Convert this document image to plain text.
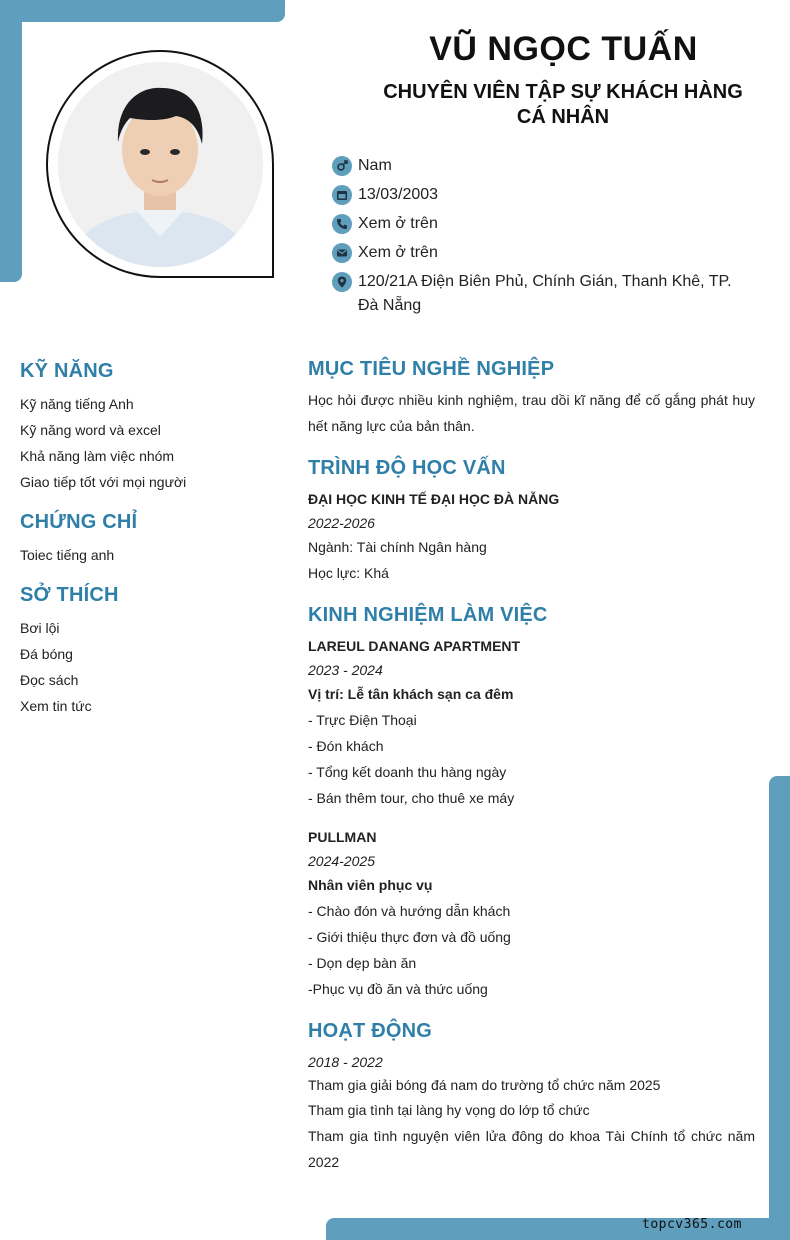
VŨ NGỌC TUẤN
CHUYÊN VIÊN TẬP SỰ KHÁCH HÀNG CÁ NHÂN
Nam
13/03/2003
Xem ở trên
Xem ở trên
120/21A Điện Biên Phủ, Chính Gián, Thanh Khê, TP. Đà Nẵng
KỸ NĂNG
Kỹ năng tiếng Anh
Kỹ năng word và excel
Khả năng làm việc nhóm
Giao tiếp tốt với mọi người
CHỨNG CHỈ
Toiec tiếng anh
SỞ THÍCH
Bơi lội
Đá bóng
Đọc sách
Xem tin tức
MỤC TIÊU NGHỀ NGHIỆP
Học hỏi được nhiều kinh nghiệm, trau dồi kĩ năng để cố gắng phát huy hết năng lực của bản thân.
TRÌNH ĐỘ HỌC VẤN
ĐẠI HỌC KINH TẾ ĐẠI HỌC ĐÀ NẴNG
2022-2026
Ngành: Tài chính Ngân hàng
Học lực: Khá
KINH NGHIỆM LÀM VIỆC
LAREUL DANANG APARTMENT
2023 - 2024
Vị trí: Lễ tân khách sạn ca đêm
- Trực Điện Thoại
- Đón khách
- Tổng kết doanh thu hàng ngày
- Bán thêm tour, cho thuê xe máy
PULLMAN
2024-2025
Nhân viên phục vụ
- Chào đón và hướng dẫn khách
- Giới thiệu thực đơn và đồ uống
- Dọn dẹp bàn ăn
-Phục vụ đồ ăn và thức uống
HOẠT ĐỘNG
2018 - 2022
Tham gia giải bóng đá nam do trường tổ chức năm 2025
Tham gia tình tại làng hy vọng do lớp tổ chức
Tham gia tình nguyện viên lửa đông do khoa Tài Chính tổ chức năm 2022
topcv365.com
